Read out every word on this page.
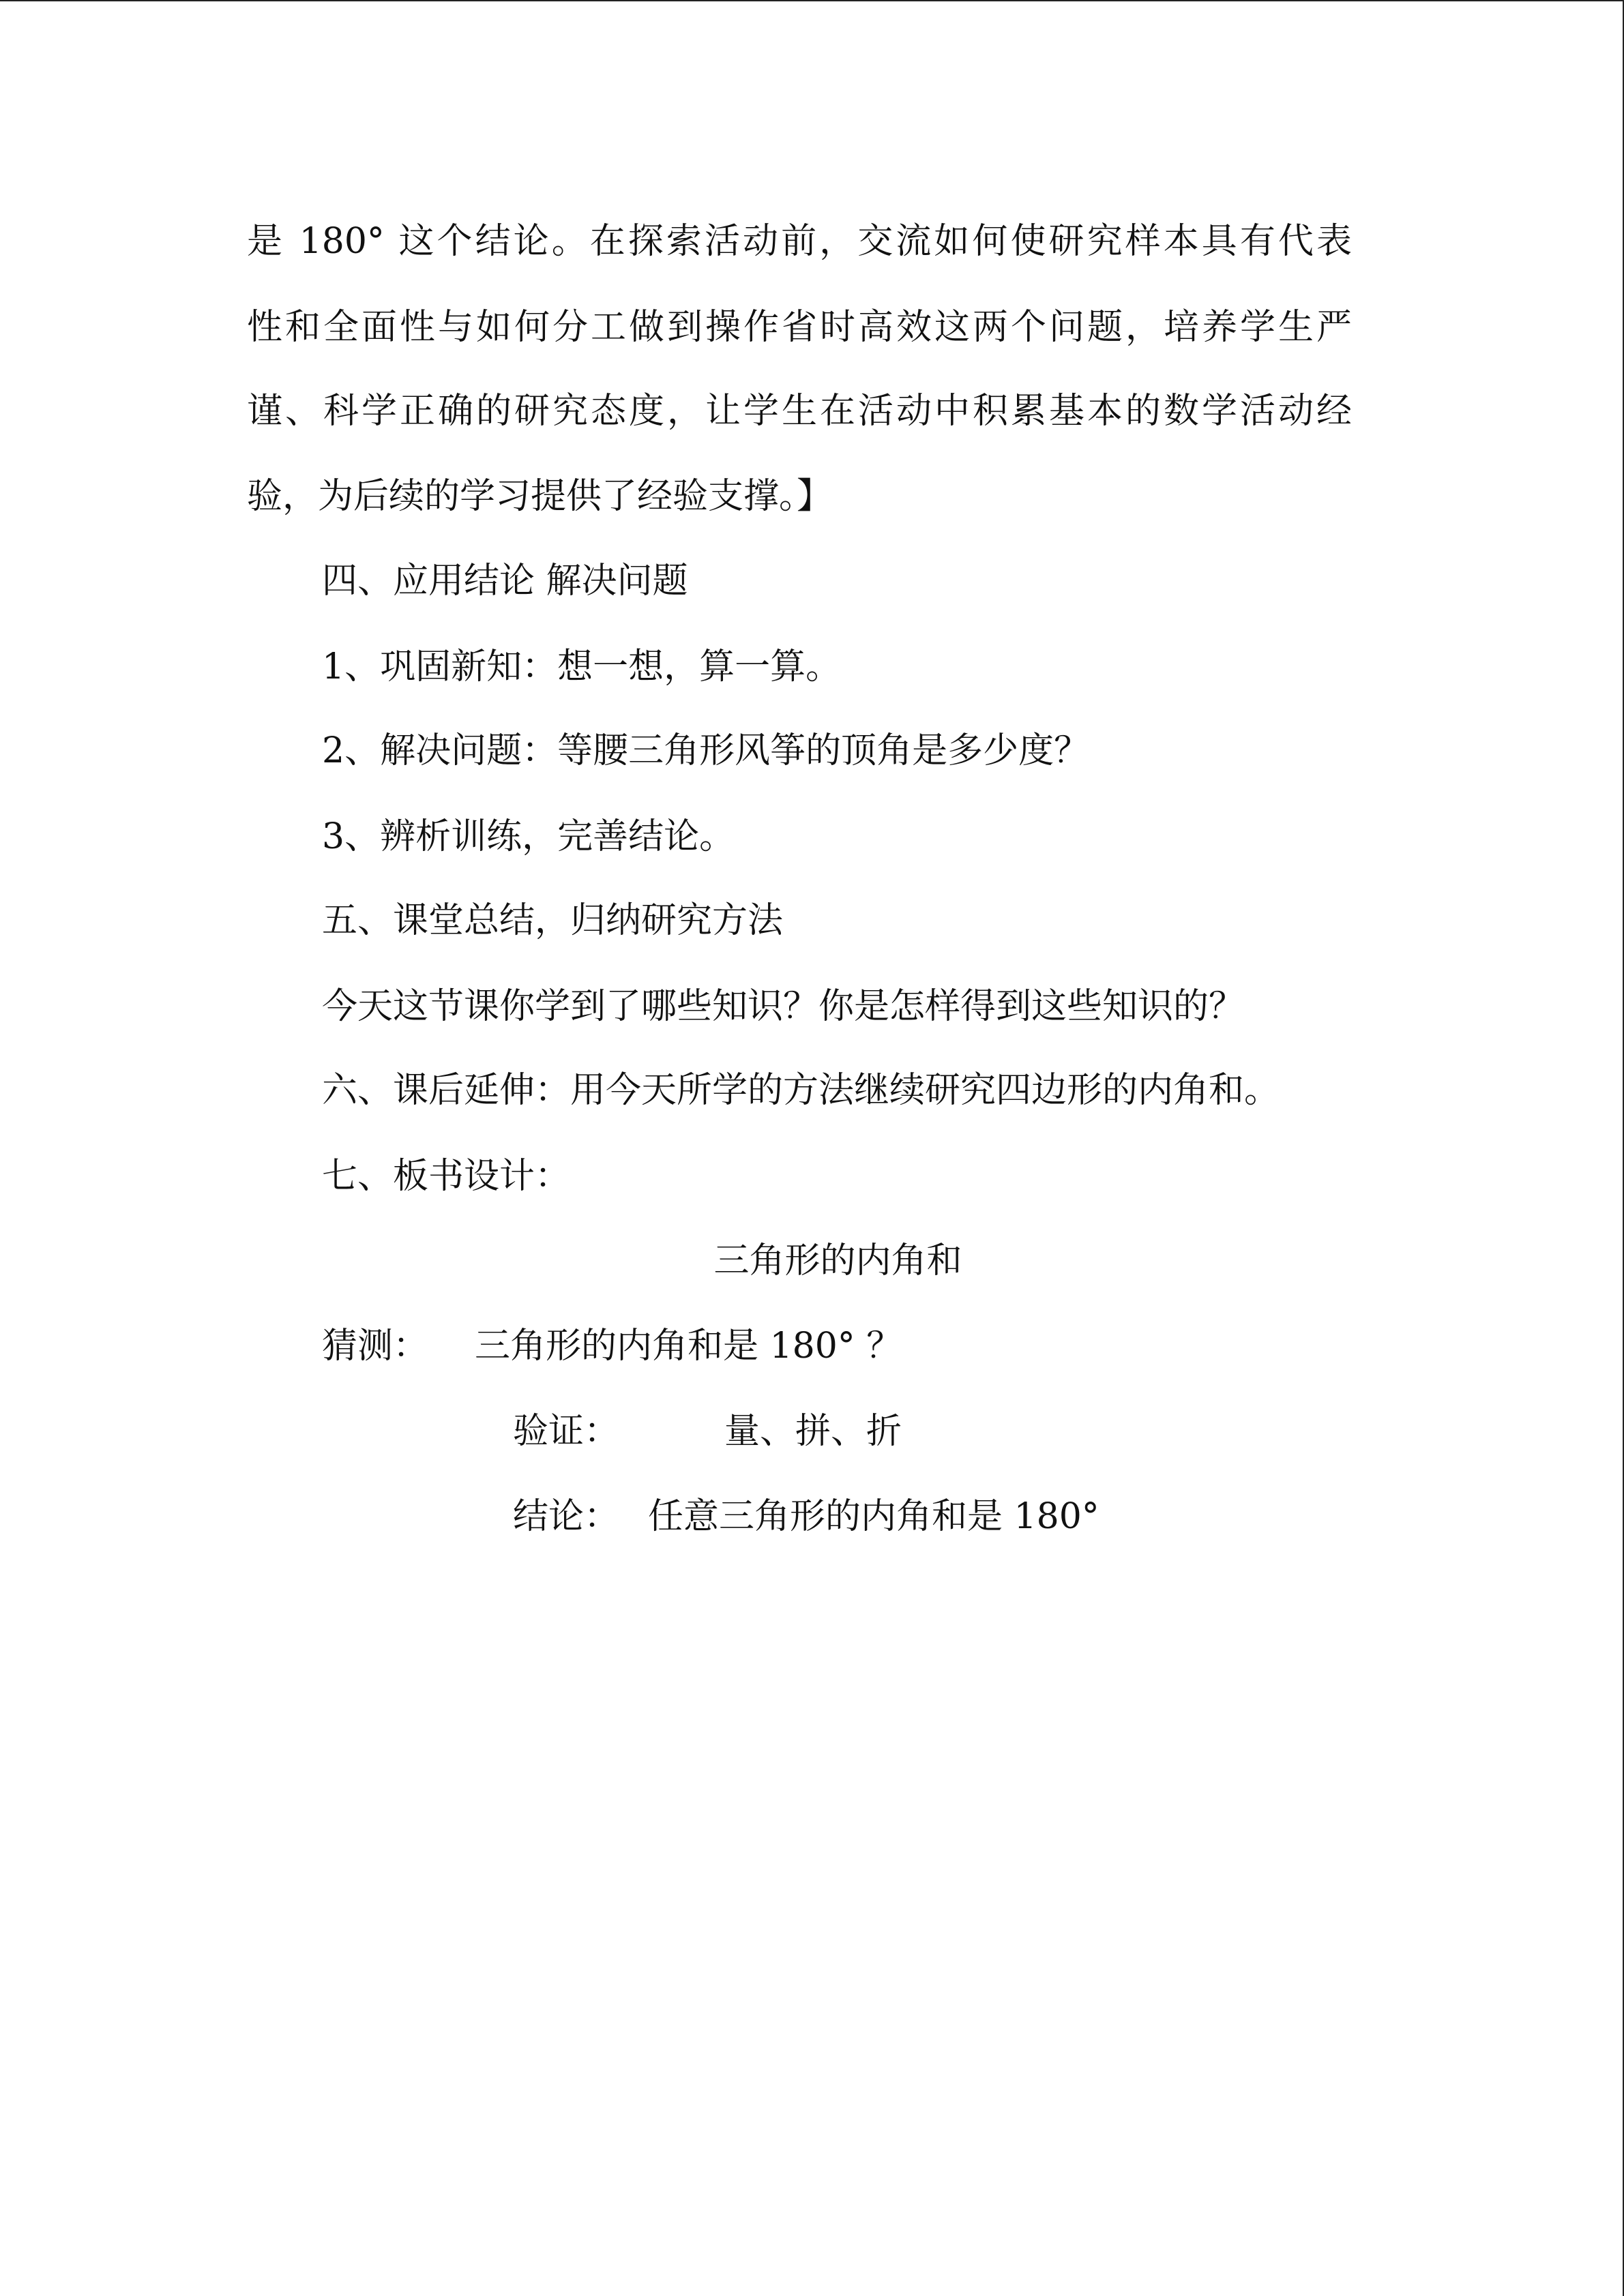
是 180° 这个结论。在探索活动前，交流如何使研究样本具有代表

性和全面性与如何分工做到操作省时高效这两个问题，培养学生严

谨、科学正确的研究态度，让学生在活动中积累基本的数学活动经

验，为后续的学习提供了经验支撑。】

四、应用结论 解决问题

1、巩固新知：想一想，算一算。

2、解决问题：等腰三角形风筝的顶角是多少度？

3、辨析训练，完善结论。

五、课堂总结，归纳研究方法

今天这节课你学到了哪些知识？你是怎样得到这些知识的？

六、课后延伸：用今天所学的方法继续研究四边形的内角和。

七、板书设计：

三角形的内角和

猜测： 三角形的内角和是 180° ？
验证：	量、拼、折
结论： 任意三角形的内角和是 180°
